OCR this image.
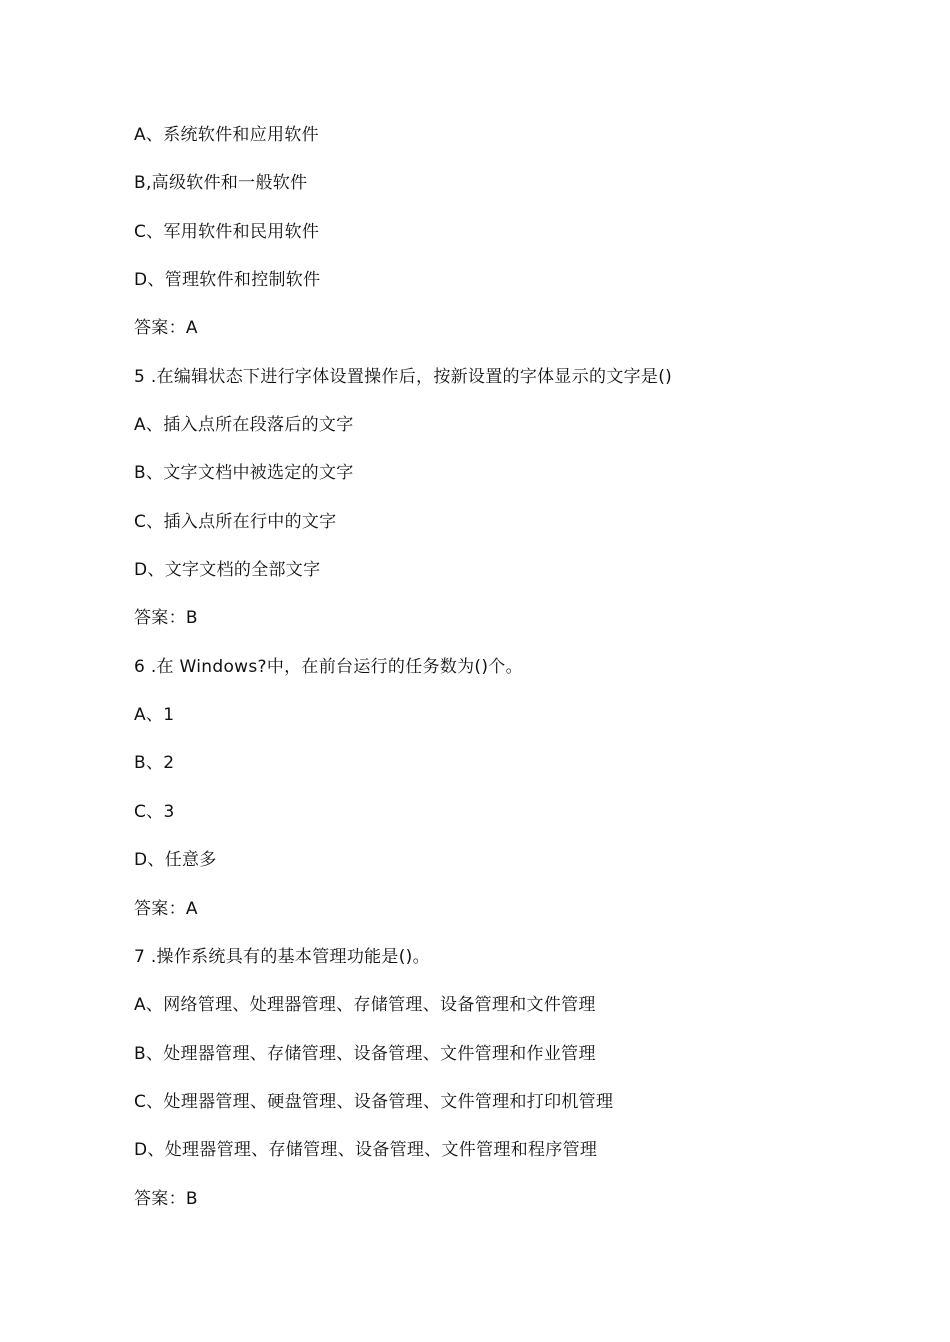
A、系统软件和应用软件
B,高级软件和一般软件
C、军用软件和民用软件
D、管理软件和控制软件
答案：A
5 .在编辑状态下进行字体设置操作后，按新设置的字体显示的文字是()
A、插入点所在段落后的文字
B、文字文档中被选定的文字
C、插入点所在行中的文字
D、文字文档的全部文字
答案：B
6 .在 Windows?中，在前台运行的任务数为()个。
A、1
B、2
C、3
D、任意多
答案：A
7 .操作系统具有的基本管理功能是()。
A、网络管理、处理器管理、存储管理、设备管理和文件管理
B、处理器管理、存储管理、设备管理、文件管理和作业管理
C、处理器管理、硬盘管理、设备管理、文件管理和打印机管理
D、处理器管理、存储管理、设备管理、文件管理和程序管理
答案：B
